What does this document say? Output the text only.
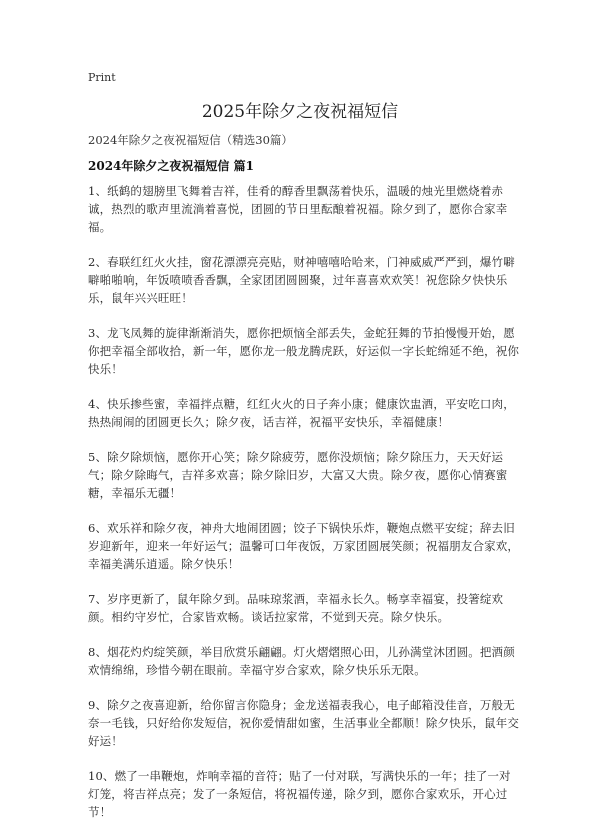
Print
2025年除夕之夜祝福短信
2024年除夕之夜祝福短信（精选30篇）
2024年除夕之夜祝福短信 篇1

1、纸鹤的翅膀里飞舞着吉祥，佳肴的醇香里飘荡着快乐，温暖的烛光里燃烧着赤诚，热烈的歌声里流淌着喜悦，团圆的节日里酝酿着祝福。除夕到了，愿你合家幸福。

2、春联红红火火挂，窗花漂漂亮亮贴，财神嘻嘻哈哈来，门神威威严严到，爆竹噼噼啪啪响，年饭喷喷香香飘，全家团团圆圆聚，过年喜喜欢欢笑！祝您除夕快快乐乐，鼠年兴兴旺旺！

3、龙飞凤舞的旋律渐渐消失，愿你把烦恼全部丢失，金蛇狂舞的节拍慢慢开始，愿你把幸福全部收拾，新一年，愿你龙一般龙腾虎跃，好运似一字长蛇绵延不绝，祝你快乐！

4、快乐掺些蜜，幸福拌点糖，红红火火的日子奔小康；健康饮盅酒，平安吃口肉，热热闹闹的团圆更长久；除夕夜，话吉祥，祝福平安快乐，幸福健康！

5、除夕除烦恼，愿你开心笑；除夕除疲劳，愿你没烦恼；除夕除压力，天天好运气；除夕除晦气，吉祥多欢喜；除夕除旧岁，大富又大贵。除夕夜，愿你心情赛蜜糖，幸福乐无疆！

6、欢乐祥和除夕夜，神舟大地闹团圆；饺子下锅快乐炸，鞭炮点燃平安绽；辞去旧岁迎新年，迎来一年好运气；温馨可口年夜饭，万家团圆展笑颜；祝福朋友合家欢，幸福美满乐逍遥。除夕快乐！

7、岁序更新了，鼠年除夕到。品味琼浆酒，幸福永长久。畅享幸福宴，投箸绽欢颜。相约守岁忙，合家皆欢畅。谈话拉家常，不觉到天亮。除夕快乐。

8、烟花灼灼绽笑颜，举目欣赏乐翩翩。灯火熠熠照心田，儿孙满堂沐团圆。把酒颜欢情绵绵，珍惜今朝在眼前。幸福守岁合家欢，除夕快乐乐无限。

9、除夕之夜喜迎新，给你留言你隐身；金龙送福表我心，电子邮箱没佳音，万般无奈一毛钱，只好给你发短信，祝你爱情甜如蜜，生活事业全都顺！除夕快乐，鼠年交好运！

10、燃了一串鞭炮，炸响幸福的音符；贴了一付对联，写满快乐的一年；挂了一对灯笼，将吉祥点亮；发了一条短信，将祝福传递，除夕到，愿你合家欢乐，开心过节！
